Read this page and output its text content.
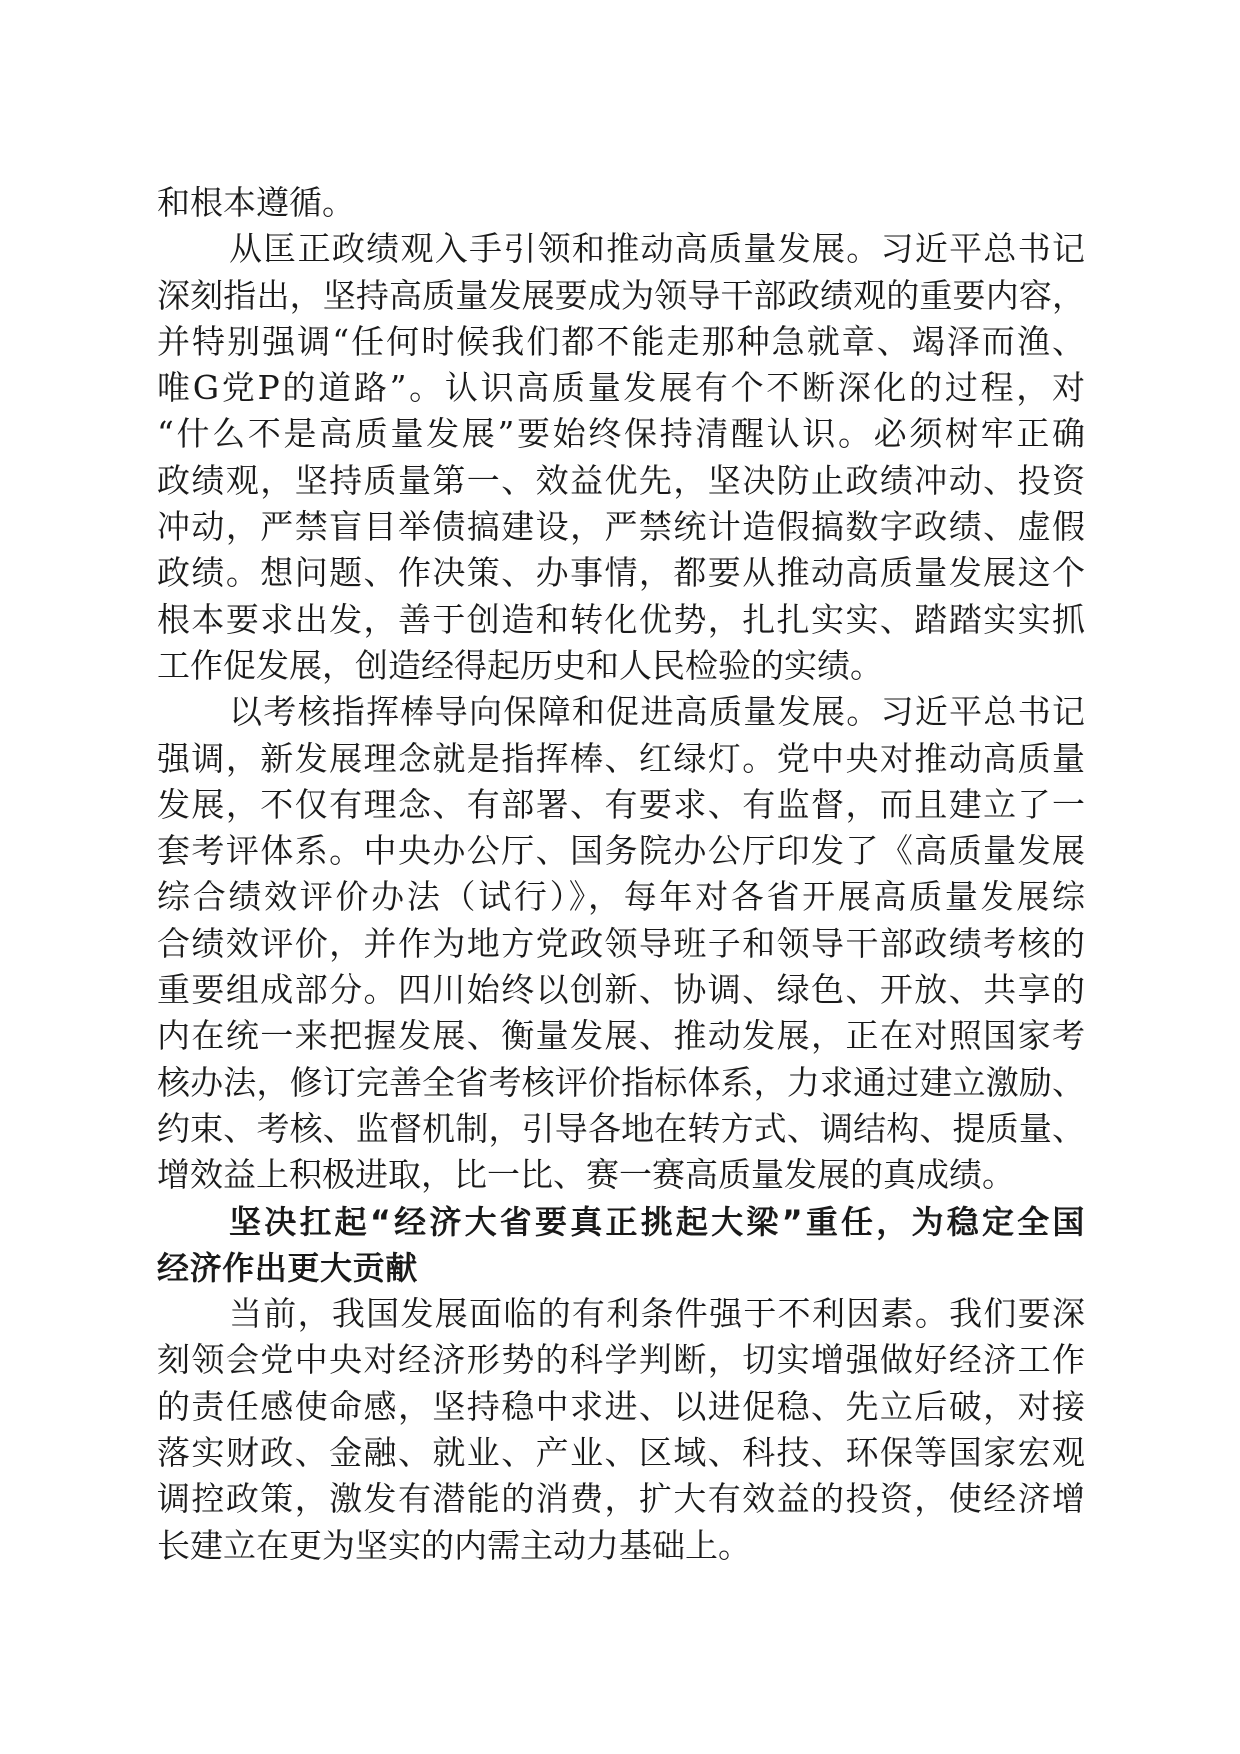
和根本遵循。
从匡正政绩观入手引领和推动高质量发展。习近平总书记
深刻指出，坚持高质量发展要成为领导干部政绩观的重要内容，
并特别强调“任何时候我们都不能走那种急就章、竭泽而渔、
唯G党P的道路”。认识高质量发展有个不断深化的过程，对
“什么不是高质量发展”要始终保持清醒认识。必须树牢正确
政绩观，坚持质量第一、效益优先，坚决防止政绩冲动、投资
冲动，严禁盲目举债搞建设，严禁统计造假搞数字政绩、虚假
政绩。想问题、作决策、办事情，都要从推动高质量发展这个
根本要求出发，善于创造和转化优势，扎扎实实、踏踏实实抓
工作促发展，创造经得起历史和人民检验的实绩。
以考核指挥棒导向保障和促进高质量发展。习近平总书记
强调，新发展理念就是指挥棒、红绿灯。党中央对推动高质量
发展，不仅有理念、有部署、有要求、有监督，而且建立了一
套考评体系。中央办公厅、国务院办公厅印发了《高质量发展
综合绩效评价办法（试行）》，每年对各省开展高质量发展综
合绩效评价，并作为地方党政领导班子和领导干部政绩考核的
重要组成部分。四川始终以创新、协调、绿色、开放、共享的
内在统一来把握发展、衡量发展、推动发展，正在对照国家考
核办法，修订完善全省考核评价指标体系，力求通过建立激励、
约束、考核、监督机制，引导各地在转方式、调结构、提质量、
增效益上积极进取，比一比、赛一赛高质量发展的真成绩。
坚决扛起“经济大省要真正挑起大梁”重任，为稳定全国
经济作出更大贡献
当前，我国发展面临的有利条件强于不利因素。我们要深
刻领会党中央对经济形势的科学判断，切实增强做好经济工作
的责任感使命感，坚持稳中求进、以进促稳、先立后破，对接
落实财政、金融、就业、产业、区域、科技、环保等国家宏观
调控政策，激发有潜能的消费，扩大有效益的投资，使经济增
长建立在更为坚实的内需主动力基础上。
